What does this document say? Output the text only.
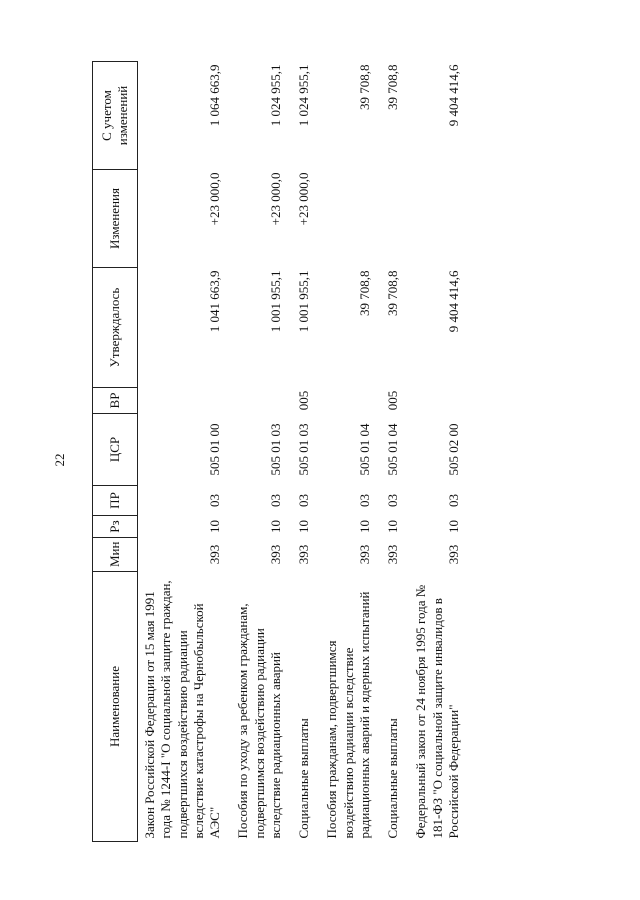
22
Наименование	Мин	Рз	ПР	ЦСР	ВР	Утверждалось	Изменения	С учетом изменений
Закон Российской Федерации от 15 мая 1991 года № 1244-I "О социальной защите граждан, подвергшихся воздействию радиации вследствие катастрофы на Чернобыльской АЭС"	393	10	03	505 01 00		1 041 663,9	+23 000,0	1 064 663,9
Пособия по уходу за ребенком гражданам, подвергшимся воздействию радиации вследствие радиационных аварий	393	10	03	505 01 03		1 001 955,1	+23 000,0	1 024 955,1
Социальные выплаты	393	10	03	505 01 03	005	1 001 955,1	+23 000,0	1 024 955,1
Пособия гражданам, подвергшимся воздействию радиации вследствие радиационных аварий и ядерных испытаний	393	10	03	505 01 04		39 708,8		39 708,8
Социальные выплаты	393	10	03	505 01 04	005	39 708,8		39 708,8
Федеральный закон от 24 ноября 1995 года № 181-ФЗ "О социальной защите инвалидов в Российской Федерации"	393	10	03	505 02 00		9 404 414,6		9 404 414,6
